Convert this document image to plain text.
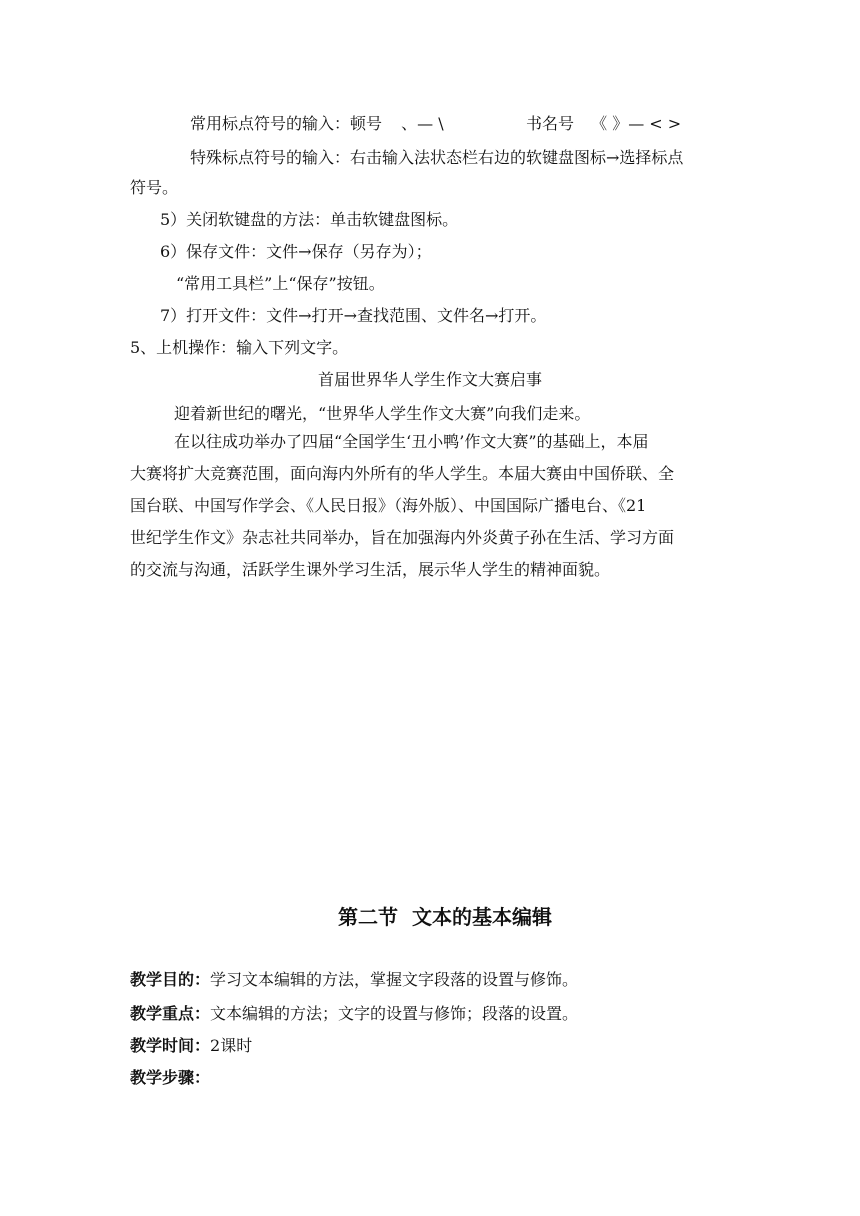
常用标点符号的输入：顿号 、— \	书名号 《 》— < >
特殊标点符号的输入：右击输入法状态栏右边的软键盘图标→选择标点
符号。
5）关闭软键盘的方法：单击软键盘图标。
6）保存文件：文件→保存（另存为）；
“常用工具栏”上“保存”按钮。
7）打开文件：文件→打开→查找范围、文件名→打开。
5、上机操作：输入下列文字。
首届世界华人学生作文大赛启事
迎着新世纪的曙光，“世界华人学生作文大赛”向我们走来。
在以往成功举办了四届“全国学生‘丑小鸭’作文大赛”的基础上，本届
大赛将扩大竞赛范围，面向海内外所有的华人学生。本届大赛由中国侨联、全
国台联、中国写作学会、《人民日报》（海外版）、中国国际广播电台、《21
世纪学生作文》杂志社共同举办，旨在加强海内外炎黄子孙在生活、学习方面
的交流与沟通，活跃学生课外学习生活，展示华人学生的精神面貌。
第二节  文本的基本编辑
教学目的：学习文本编辑的方法，掌握文字段落的设置与修饰。
教学重点：文本编辑的方法；文字的设置与修饰；段落的设置。
教学时间：2课时
教学步骤：
